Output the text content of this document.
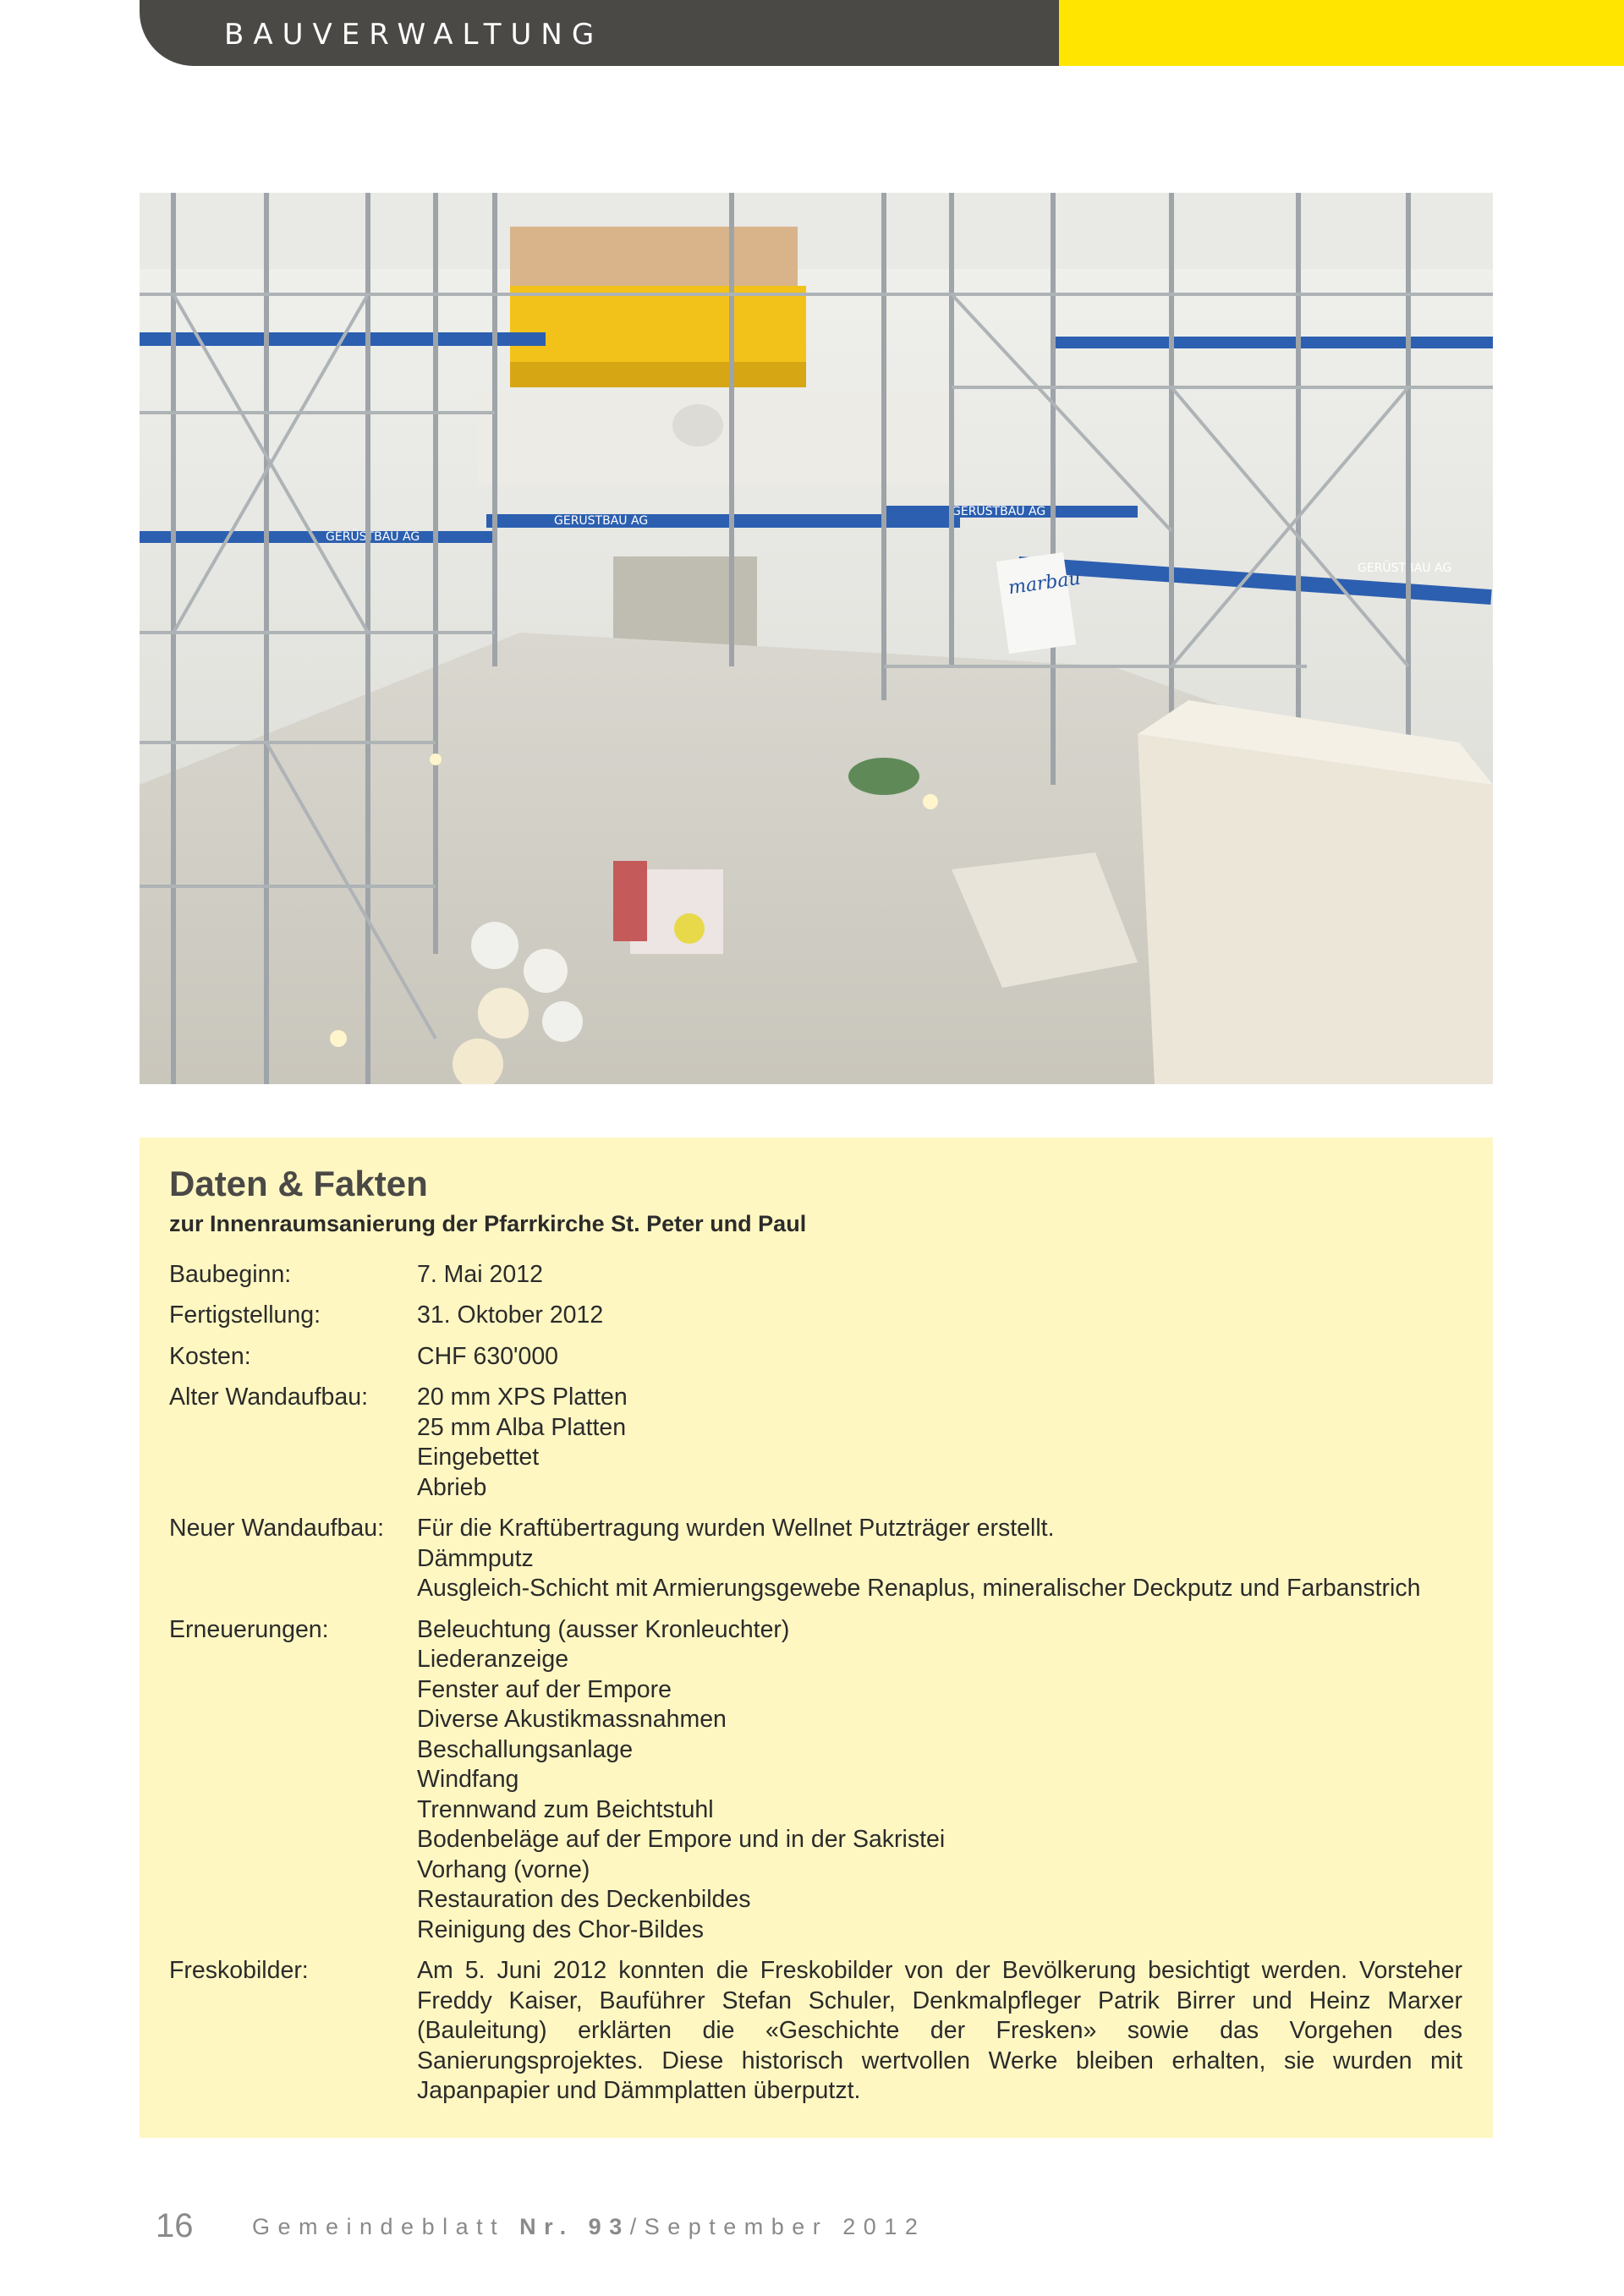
BAUVERWALTUNG
GERÜSTBAU AG
GERÜSTBAU AG
GERÜSTBAU AG
GERÜSTBAU AG
marbau
Daten & Fakten
zur Innenraumsanierung der Pfarrkirche St. Peter und Paul
Baubeginn:	7. Mai 2012
Fertigstellung:	31. Oktober 2012
Kosten:	CHF 630'000
Alter Wandaufbau:	20 mm XPS Platten
25 mm Alba Platten
Eingebettet
Abrieb
Neuer Wandaufbau:	Für die Kraftübertragung wurden Wellnet Putzträger erstellt.
Dämmputz
Ausgleich-Schicht mit Armierungsgewebe Renaplus, mineralischer Deckputz und Farbanstrich
Erneuerungen:	Beleuchtung (ausser Kronleuchter)
Liederanzeige
Fenster auf der Empore
Diverse Akustikmassnahmen
Beschallungsanlage
Windfang
Trennwand zum Beichtstuhl
Bodenbeläge auf der Empore und in der Sakristei
Vorhang (vorne)
Restauration des Deckenbildes
Reinigung des Chor-Bildes
Freskobilder:	Am 5. Juni 2012 konnten die Freskobilder von der Bevölkerung besichtigt werden. Vorsteher Freddy Kaiser, Bauführer Stefan Schuler, Denkmalpfleger Patrik Birrer und Heinz Marxer (Bauleitung) erklärten die «Geschichte der Fresken» sowie das Vorgehen des Sanierungsprojektes. Diese historisch wertvollen Werke bleiben erhalten, sie wurden mit Japanpapier und Dämmplatten überputzt.

16	Gemeindeblatt Nr. 93/September 2012
